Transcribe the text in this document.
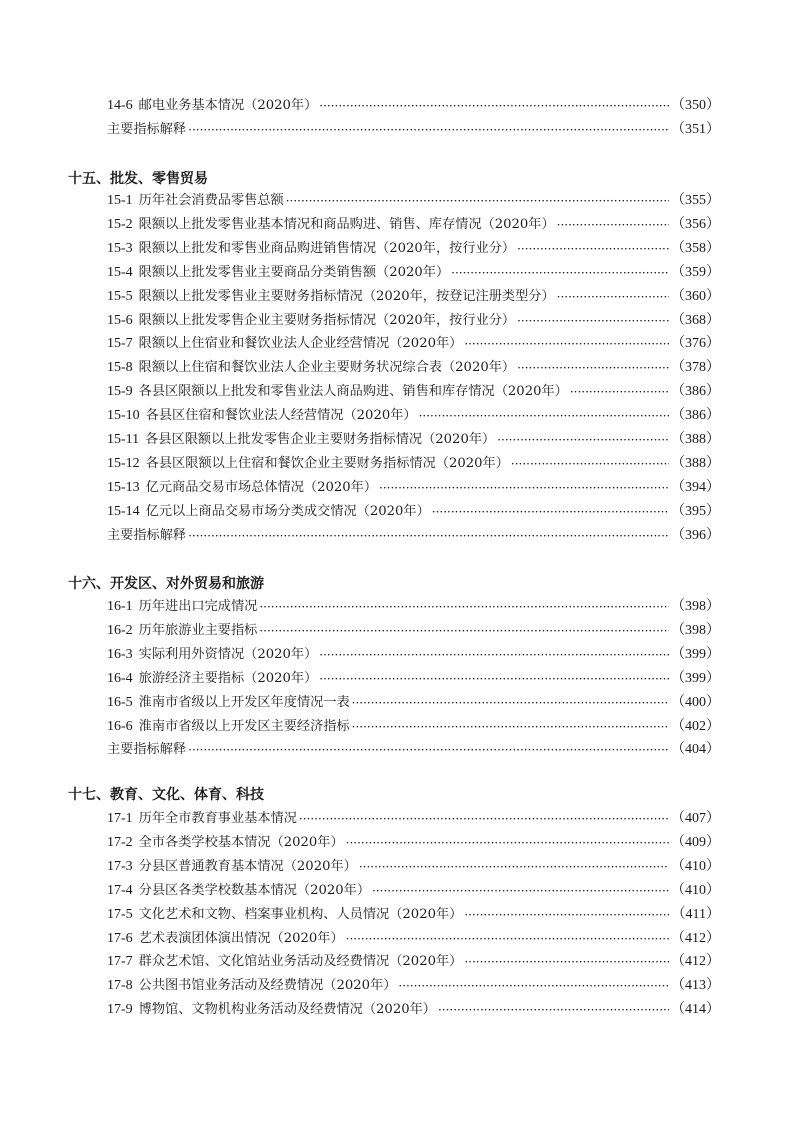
14-6 邮电业务基本情况（2020年） ·····	（350）
主要指标解释 ·····	（351）
十五、批发、零售贸易
15-1 历年社会消费品零售总额 ·····	（355）
15-2 限额以上批发零售业基本情况和商品购进、销售、库存情况（2020年） ·····	（356）
15-3 限额以上批发和零售业商品购进销售情况（2020年，按行业分） ·····	（358）
15-4 限额以上批发零售业主要商品分类销售额（2020年） ·····	（359）
15-5 限额以上批发零售业主要财务指标情况（2020年，按登记注册类型分） ·····	（360）
15-6 限额以上批发零售企业主要财务指标情况（2020年，按行业分） ·····	（368）
15-7 限额以上住宿业和餐饮业法人企业经营情况（2020年） ·····	（376）
15-8 限额以上住宿和餐饮业法人企业主要财务状况综合表（2020年） ·····	（378）
15-9 各县区限额以上批发和零售业法人商品购进、销售和库存情况（2020年） ·····	（386）
15-10 各县区住宿和餐饮业法人经营情况（2020年） ·····	（386）
15-11 各县区限额以上批发零售企业主要财务指标情况（2020年） ·····	（388）
15-12 各县区限额以上住宿和餐饮企业主要财务指标情况（2020年） ·····	（388）
15-13 亿元商品交易市场总体情况（2020年） ·····	（394）
15-14 亿元以上商品交易市场分类成交情况（2020年） ·····	（395）
主要指标解释 ·····	（396）
十六、开发区、对外贸易和旅游
16-1 历年进出口完成情况 ·····	（398）
16-2 历年旅游业主要指标 ·····	（398）
16-3 实际利用外资情况（2020年） ·····	（399）
16-4 旅游经济主要指标（2020年） ·····	（399）
16-5 淮南市省级以上开发区年度情况一表 ·····	（400）
16-6 淮南市省级以上开发区主要经济指标 ·····	（402）
主要指标解释 ·····	（404）
十七、教育、文化、体育、科技
17-1 历年全市教育事业基本情况 ·····	（407）
17-2 全市各类学校基本情况（2020年） ·····	（409）
17-3 分县区普通教育基本情况（2020年） ·····	（410）
17-4 分县区各类学校数基本情况（2020年） ·····	（410）
17-5 文化艺术和文物、档案事业机构、人员情况（2020年） ·····	（411）
17-6 艺术表演团体演出情况（2020年） ·····	（412）
17-7 群众艺术馆、文化馆站业务活动及经费情况（2020年） ·····	（412）
17-8 公共图书馆业务活动及经费情况（2020年） ·····	（413）
17-9 博物馆、文物机构业务活动及经费情况（2020年） ·····	（414）
